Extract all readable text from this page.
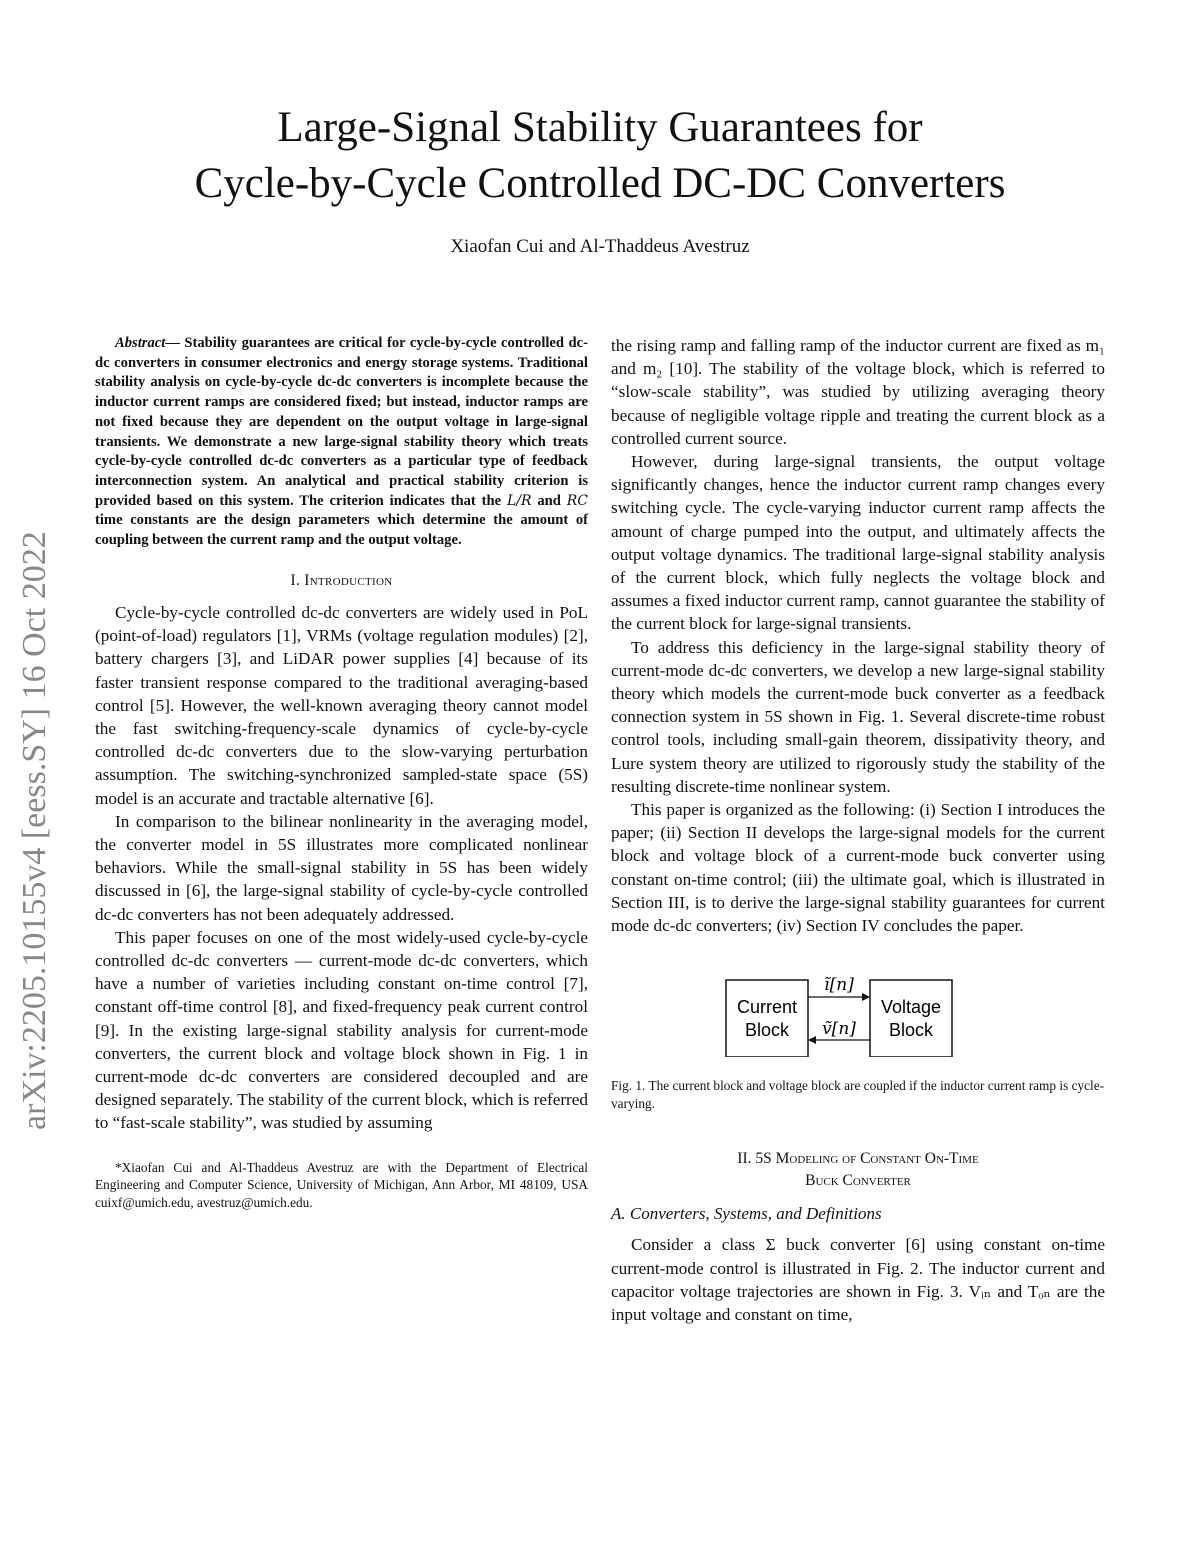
Large-Signal Stability Guarantees for
Cycle-by-Cycle Controlled DC-DC Converters
Xiaofan Cui and Al-Thaddeus Avestruz
arXiv:2205.10155v4 [eess.SY] 16 Oct 2022
Abstract— Stability guarantees are critical for cycle-by-cycle controlled dc-dc converters in consumer electronics and energy storage systems. Traditional stability analysis on cycle-by-cycle dc-dc converters is incomplete because the inductor current ramps are considered fixed; but instead, inductor ramps are not fixed because they are dependent on the output voltage in large-signal transients. We demonstrate a new large-signal stability theory which treats cycle-by-cycle controlled dc-dc converters as a particular type of feedback interconnection system. An analytical and practical stability criterion is provided based on this system. The criterion indicates that the L/R and RC time constants are the design parameters which determine the amount of coupling between the current ramp and the output voltage.
I. Introduction

Cycle-by-cycle controlled dc-dc converters are widely used in PoL (point-of-load) regulators [1], VRMs (voltage regulation modules) [2], battery chargers [3], and LiDAR power supplies [4] because of its faster transient response compared to the traditional averaging-based control [5]. However, the well-known averaging theory cannot model the fast switching-frequency-scale dynamics of cycle-by-cycle controlled dc-dc converters due to the slow-varying perturbation assumption. The switching-synchronized sampled-state space (5S) model is an accurate and tractable alternative [6].

In comparison to the bilinear nonlinearity in the averaging model, the converter model in 5S illustrates more complicated nonlinear behaviors. While the small-signal stability in 5S has been widely discussed in [6], the large-signal stability of cycle-by-cycle controlled dc-dc converters has not been adequately addressed.

This paper focuses on one of the most widely-used cycle-by-cycle controlled dc-dc converters — current-mode dc-dc converters, which have a number of varieties including constant on-time control [7], constant off-time control [8], and fixed-frequency peak current control [9]. In the existing large-signal stability analysis for current-mode converters, the current block and voltage block shown in Fig. 1 in current-mode dc-dc converters are considered decoupled and are designed separately. The stability of the current block, which is referred to “fast-scale stability”, was studied by assuming

*Xiaofan Cui and Al-Thaddeus Avestruz are with the Department of Electrical Engineering and Computer Science, University of Michigan, Ann Arbor, MI 48109, USA cuixf@umich.edu, avestruz@umich.edu.

the rising ramp and falling ramp of the inductor current are fixed as m₁ and m₂ [10]. The stability of the voltage block, which is referred to “slow-scale stability”, was studied by utilizing averaging theory because of negligible voltage ripple and treating the current block as a controlled current source.

However, during large-signal transients, the output voltage significantly changes, hence the inductor current ramp changes every switching cycle. The cycle-varying inductor current ramp affects the amount of charge pumped into the output, and ultimately affects the output voltage dynamics. The traditional large-signal stability analysis of the current block, which fully neglects the voltage block and assumes a fixed inductor current ramp, cannot guarantee the stability of the current block for large-signal transients.

To address this deficiency in the large-signal stability theory of current-mode dc-dc converters, we develop a new large-signal stability theory which models the current-mode buck converter as a feedback connection system in 5S shown in Fig. 1. Several discrete-time robust control tools, including small-gain theorem, dissipativity theory, and Lure system theory are utilized to rigorously study the stability of the resulting discrete-time nonlinear system.

This paper is organized as the following: (i) Section I introduces the paper; (ii) Section II develops the large-signal models for the current block and voltage block of a current-mode buck converter using constant on-time control; (iii) the ultimate goal, which is illustrated in Section III, is to derive the large-signal stability guarantees for current mode dc-dc converters; (iv) Section IV concludes the paper.

Current
Block
Voltage
Block
ĩ[n]
ṽ[n]
Fig. 1. The current block and voltage block are coupled if the inductor current ramp is cycle-varying.
II. 5S Modeling of Constant On-Time
Buck Converter
A. Converters, Systems, and Definitions

Consider a class Σ buck converter [6] using constant on-time current-mode control is illustrated in Fig. 2. The inductor current and capacitor voltage trajectories are shown in Fig. 3. Vᵢₙ and Tₒₙ are the input voltage and constant on time,
